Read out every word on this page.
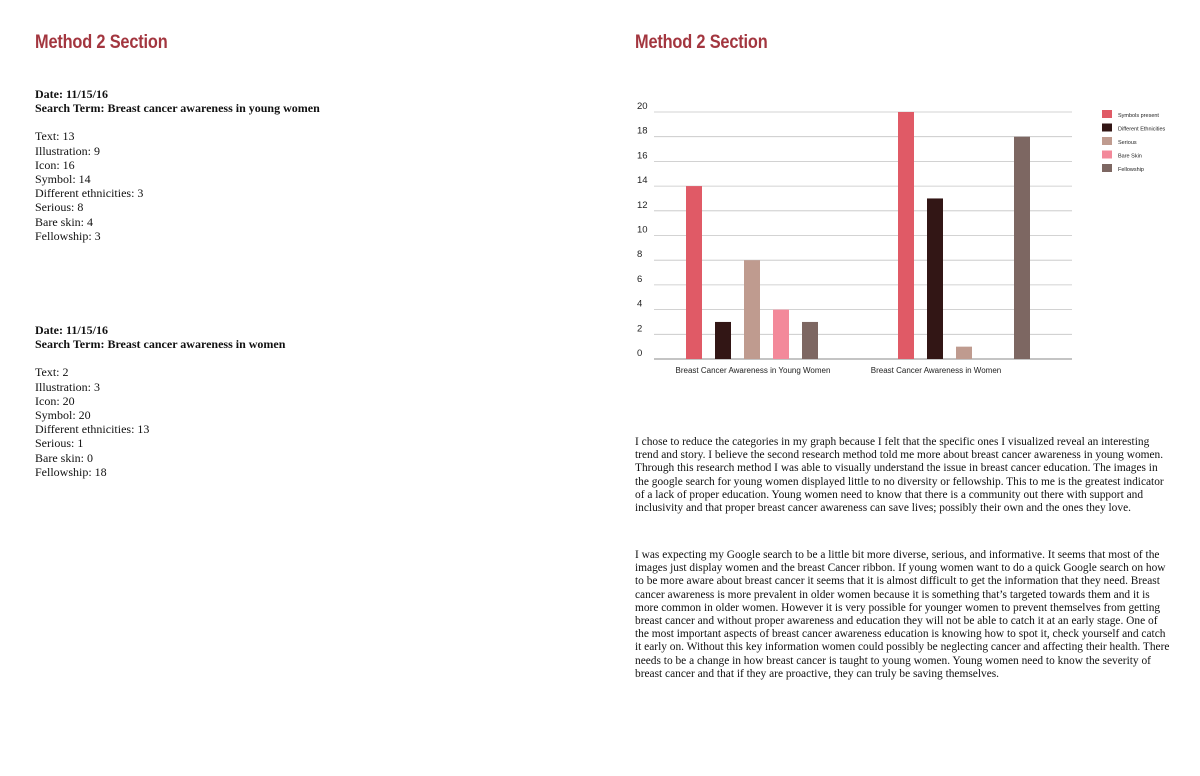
Method 2 Section	Method 2 Section
Date: 11/15/16
Search Term: Breast cancer awareness in young women
Text: 13
Illustration: 9
Icon: 16
Symbol: 14
Different ethnicities: 3
Serious: 8
Bare skin: 4
Fellowship: 3
Date: 11/15/16
Search Term: Breast cancer awareness in women
Text: 2
Illustration: 3
Icon: 20
Symbol: 20
Different ethnicities: 13
Serious: 1
Bare skin: 0
Fellowship: 18
0
2
4
6
8
10
12
14
16
18
20
Breast Cancer Awareness in Young Women	Breast Cancer Awareness in Women
Symbols present
Different Ethnicities
Serious
Bare Skin
Fellowship

I chose to reduce the categories in my graph because I felt that the specific ones I visualized reveal an interesting trend and story. I believe the second research method told me more about breast cancer awareness in young women. Through this research method I was able to visually understand the issue in breast cancer education. The images in the google search for young women displayed little to no diversity or fellowship. This to me is the greatest indicator of a lack of proper education. Young women need to know that there is a community out there with support and inclusivity and that proper breast cancer awareness can save lives; possibly their own and the ones they love.

I was expecting my Google search to be a little bit more diverse, serious, and informative. It seems that most of the images just display women and the breast Cancer ribbon. If young women want to do a quick Google search on how to be more aware about breast cancer it seems that it is almost difficult to get the information that they need. Breast cancer awareness is more prevalent in older women because it is something that’s targeted towards them and it is more common in older women. However it is very possible for younger women to prevent themselves from getting breast cancer and without proper awareness and education they will not be able to catch it at an early stage. One of the most important aspects of breast cancer awareness education is knowing how to spot it, check yourself and catch it early on. Without this key information women could possibly be neglecting cancer and affecting their health. There needs to be a change in how breast cancer is taught to young women. Young women need to know the severity of breast cancer and that if they are proactive, they can truly be saving themselves.
